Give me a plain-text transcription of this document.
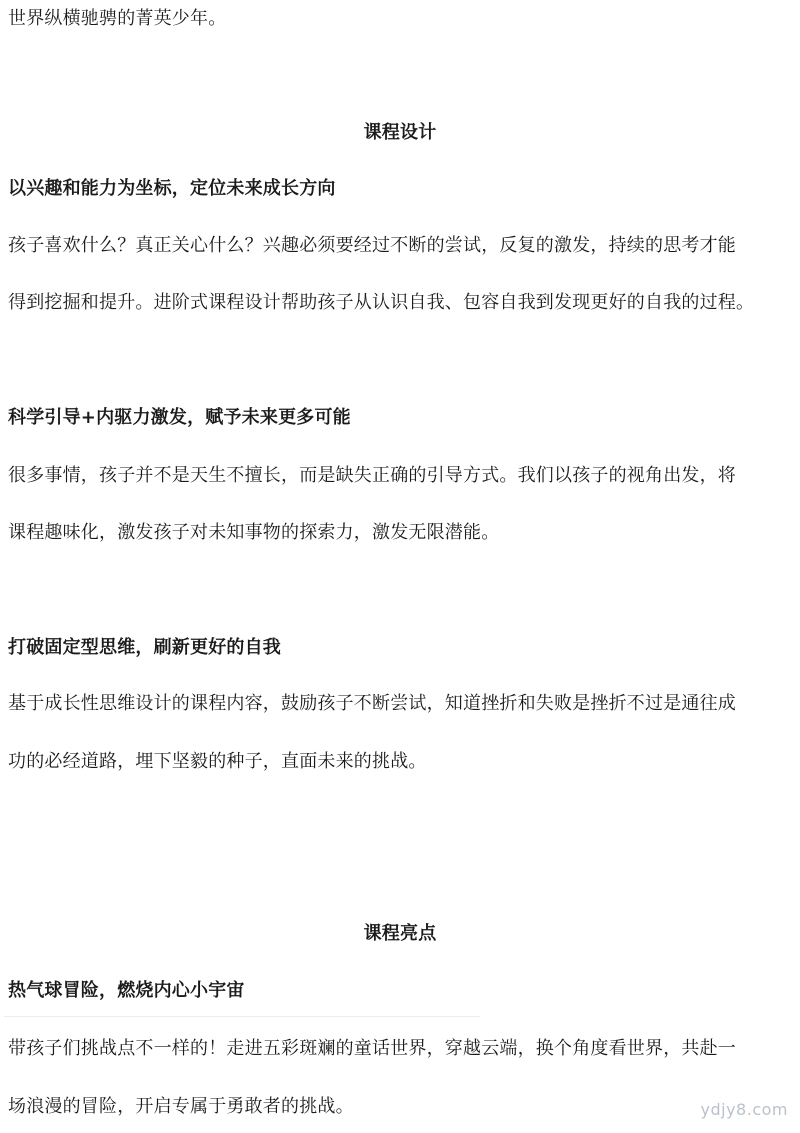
世界纵横驰骋的菁英少年。
课程设计
以兴趣和能力为坐标，定位未来成长方向
孩子喜欢什么？真正关心什么？兴趣必须要经过不断的尝试，反复的激发，持续的思考才能
得到挖掘和提升。进阶式课程设计帮助孩子从认识自我、包容自我到发现更好的自我的过程。
科学引导+内驱力激发，赋予未来更多可能
很多事情，孩子并不是天生不擅长，而是缺失正确的引导方式。我们以孩子的视角出发，将
课程趣味化，激发孩子对未知事物的探索力，激发无限潜能。
打破固定型思维，刷新更好的自我
基于成长性思维设计的课程内容，鼓励孩子不断尝试，知道挫折和失败是挫折不过是通往成
功的必经道路，埋下坚毅的种子，直面未来的挑战。
课程亮点
热气球冒险，燃烧内心小宇宙
带孩子们挑战点不一样的！走进五彩斑斓的童话世界，穿越云端，换个角度看世界，共赴一
场浪漫的冒险，开启专属于勇敢者的挑战。	ydjy8.com
